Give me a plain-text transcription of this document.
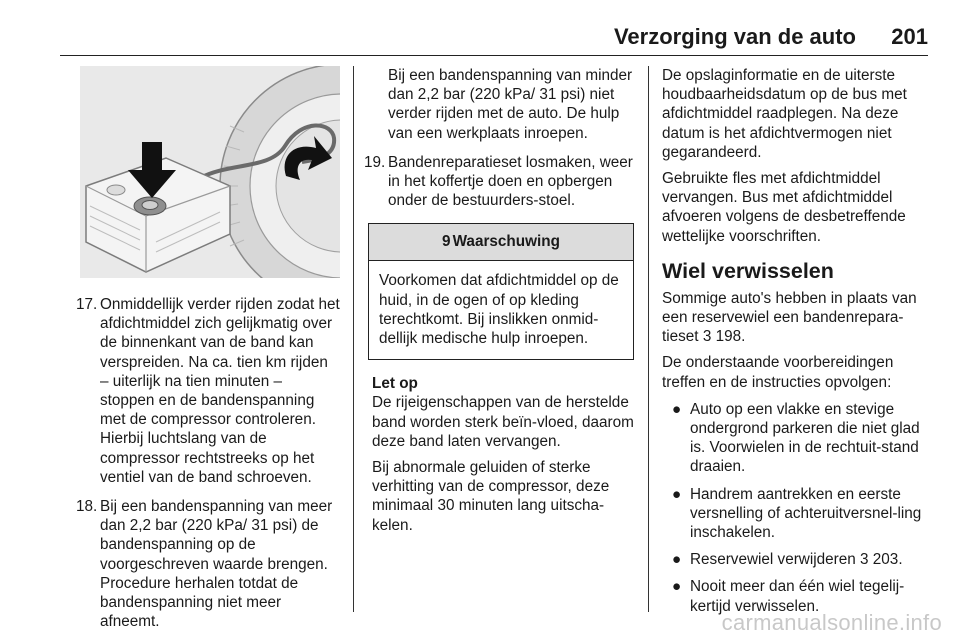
Verzorging van de auto 201

17. Onmiddellijk verder rijden zodat het afdichtmiddel zich gelijkmatig over de binnenkant van de band kan verspreiden. Na ca. tien km rijden – uiterlijk na tien minuten – stoppen en de bandenspanning met de compressor controleren. Hierbij luchtslang van de compressor rechtstreeks op het ventiel van de band schroeven.

18. Bij een bandenspanning van meer dan 2,2 bar (220 kPa/ 31 psi) de bandenspanning op de voorgeschreven waarde brengen. Procedure herhalen totdat de bandenspanning niet meer afneemt.

Bij een bandenspanning van minder dan 2,2 bar (220 kPa/ 31 psi) niet verder rijden met de auto. De hulp van een werkplaats inroepen.

19. Bandenreparatieset losmaken, weer in het koffertje doen en opbergen onder de bestuurders-stoel.

9 Waarschuwing

Voorkomen dat afdichtmiddel op de huid, in de ogen of op kleding terechtkomt. Bij inslikken onmid-dellijk medische hulp inroepen.

Let op

De rijeigenschappen van de herstelde band worden sterk beïn-vloed, daarom deze band laten vervangen.

Bij abnormale geluiden of sterke verhitting van de compressor, deze minimaal 30 minuten lang uitscha-kelen.

De opslaginformatie en de uiterste houdbaarheidsdatum op de bus met afdichtmiddel raadplegen. Na deze datum is het afdichtvermogen niet gegarandeerd.

Gebruikte fles met afdichtmiddel vervangen. Bus met afdichtmiddel afvoeren volgens de desbetreffende wettelijke voorschriften.

Wiel verwisselen

Sommige auto's hebben in plaats van een reservewiel een bandenrepara-tieset 3 198.

De onderstaande voorbereidingen treffen en de instructies opvolgen:

● Auto op een vlakke en stevige ondergrond parkeren die niet glad is. Voorwielen in de rechtuit-stand draaien.

● Handrem aantrekken en eerste versnelling of achteruitversnel-ling inschakelen.

● Reservewiel verwijderen 3 203.

● Nooit meer dan één wiel tegelij-kertijd verwisselen.

carmanualsonline.info
